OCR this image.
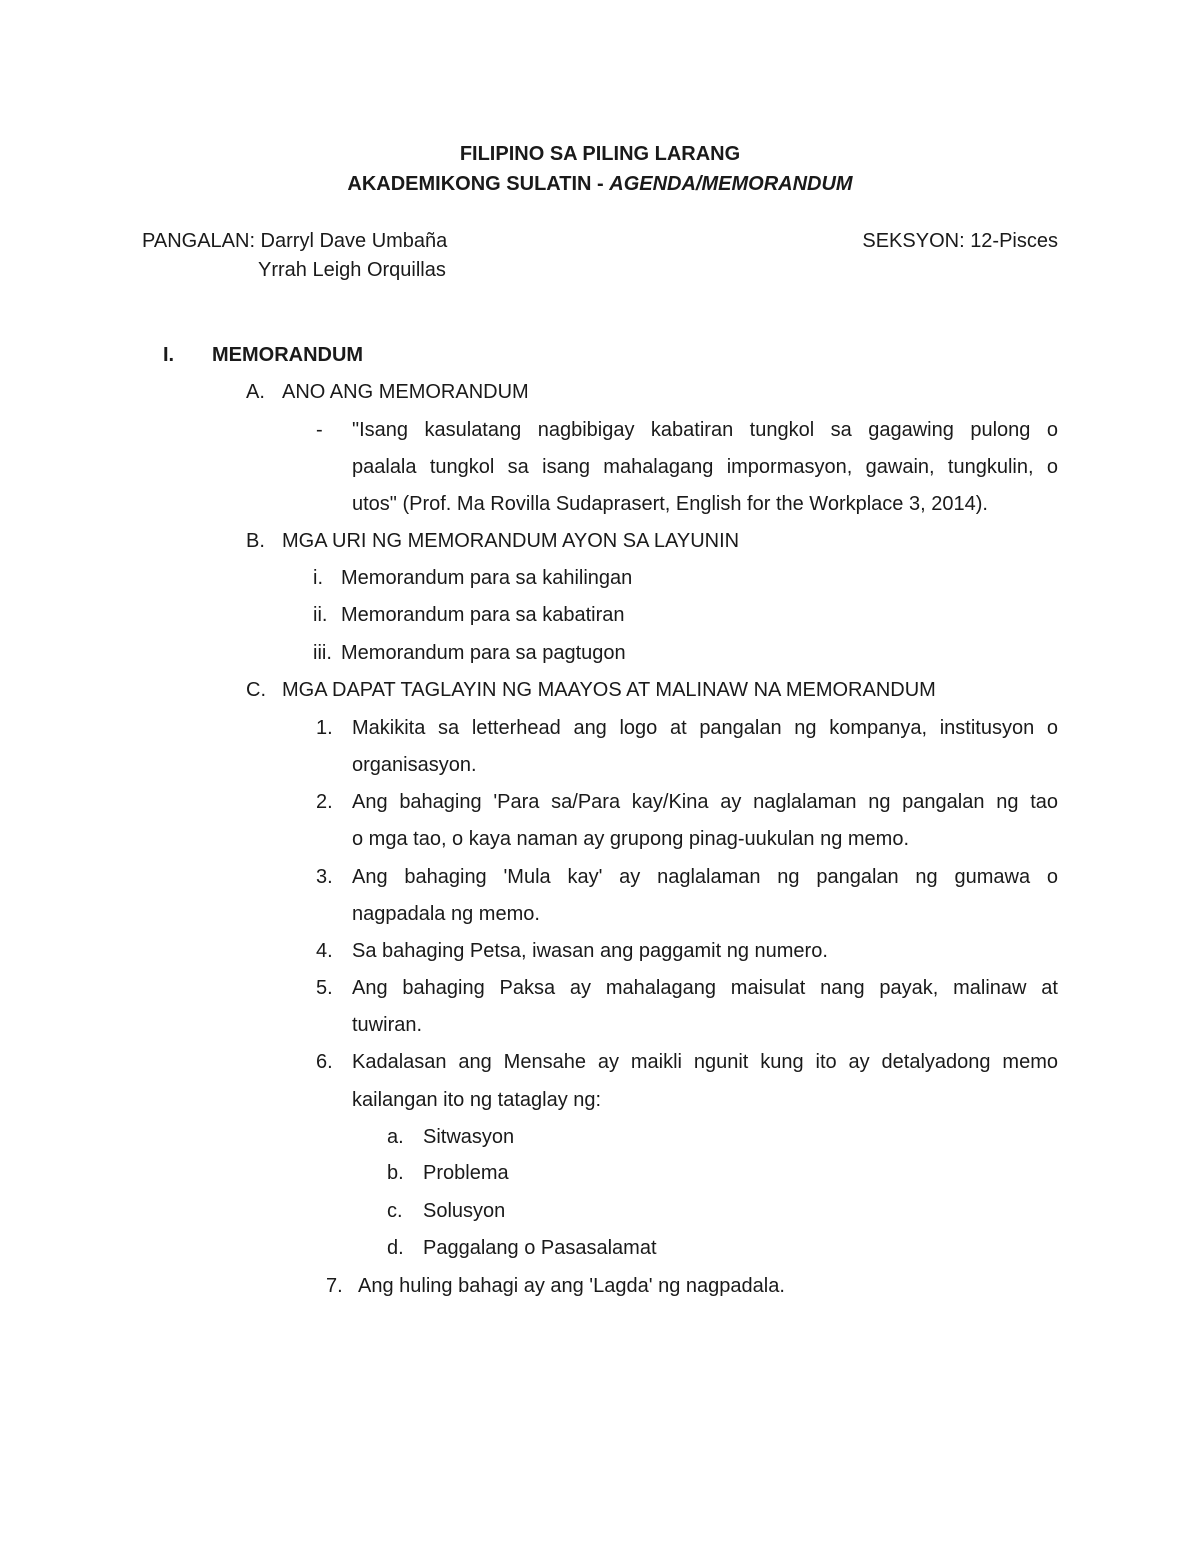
FILIPINO SA PILING LARANG
AKADEMIKONG SULATIN - AGENDA/MEMORANDUM
PANGALAN: Darryl Dave Umbaña
Yrrah Leigh Orquillas
SEKSYON: 12-Pisces
I. MEMORANDUM
A. ANO ANG MEMORANDUM
- "Isang kasulatang nagbibigay kabatiran tungkol sa gagawing pulong o
paalala tungkol sa isang mahalagang impormasyon, gawain, tungkulin, o
utos" (Prof. Ma Rovilla Sudaprasert, English for the Workplace 3, 2014).
B. MGA URI NG MEMORANDUM AYON SA LAYUNIN
i. Memorandum para sa kahilingan
ii. Memorandum para sa kabatiran
iii. Memorandum para sa pagtugon
C. MGA DAPAT TAGLAYIN NG MAAYOS AT MALINAW NA MEMORANDUM
1. Makikita sa letterhead ang logo at pangalan ng kompanya, institusyon o
organisasyon.
2. Ang bahaging 'Para sa/Para kay/Kina ay naglalaman ng pangalan ng tao
o mga tao, o kaya naman ay grupong pinag-uukulan ng memo.
3. Ang bahaging 'Mula kay' ay naglalaman ng pangalan ng gumawa o
nagpadala ng memo.
4. Sa bahaging Petsa, iwasan ang paggamit ng numero.
5. Ang bahaging Paksa ay mahalagang maisulat nang payak, malinaw at
tuwiran.
6. Kadalasan ang Mensahe ay maikli ngunit kung ito ay detalyadong memo
kailangan ito ng tataglay ng:
a. Sitwasyon
b. Problema
c. Solusyon
d. Paggalang o Pasasalamat
7. Ang huling bahagi ay ang 'Lagda' ng nagpadala.
